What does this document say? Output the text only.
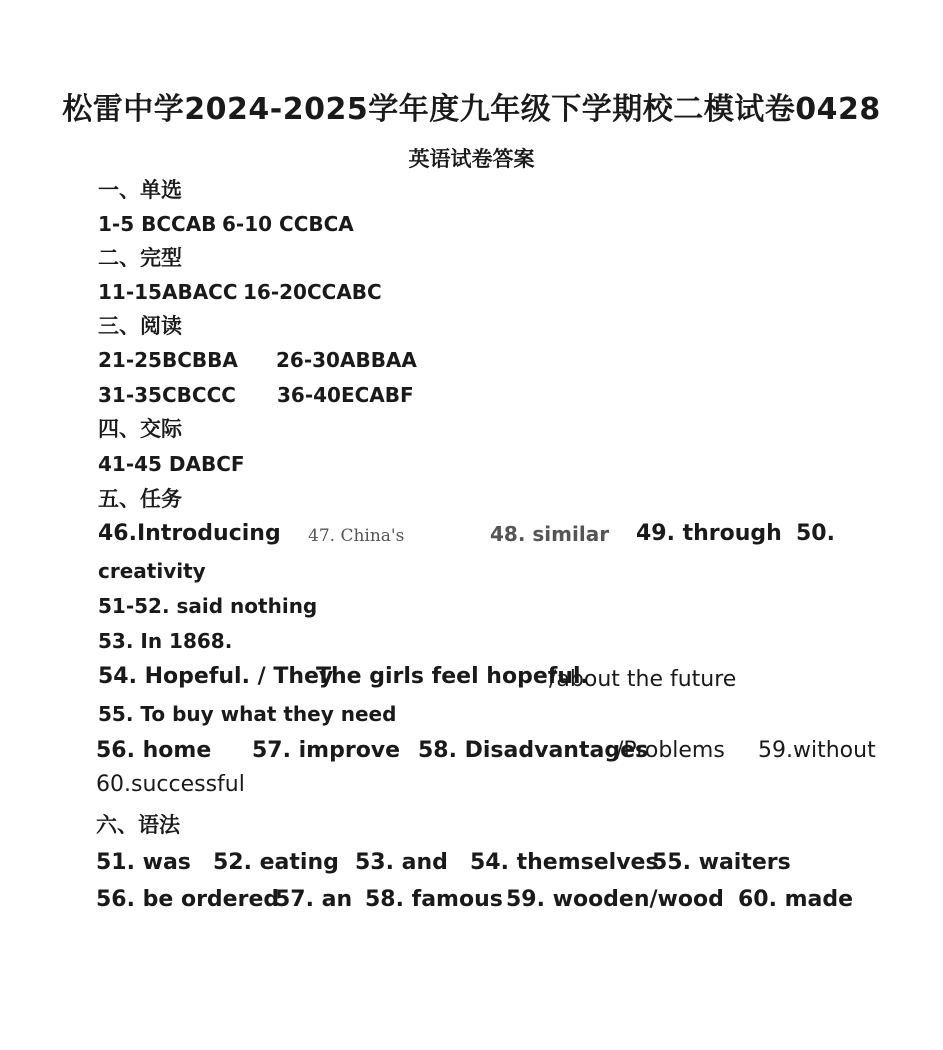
松雷中学2024-2025学年度九年级下学期校二模试卷0428
英语试卷答案
一、单选
1-5 BCCAB 6-10 CCBCA
二、完型
11-15ABACC 16-20CCABC
三、阅读
21-25BCBBA 26-30ABBAA
31-35CBCCC 36-40ECABF
四、交际
41-45 DABCF
五、任务
46.Introducing 47. China's	48. similar 49. through 50.
creativity
51-52. said nothing
53. In 1868.
54. Hopeful. / They
The girls feel hopeful.
/about the future
55. To buy what they need
56. home 57. improve 58. Disadvantages
/Problems 59.without
60.successful
六、语法
51. was 52. eating 53. and 54. themselves
55. waiters
56. be ordered
57. an 58. famous 59. wooden/wood 60. made
